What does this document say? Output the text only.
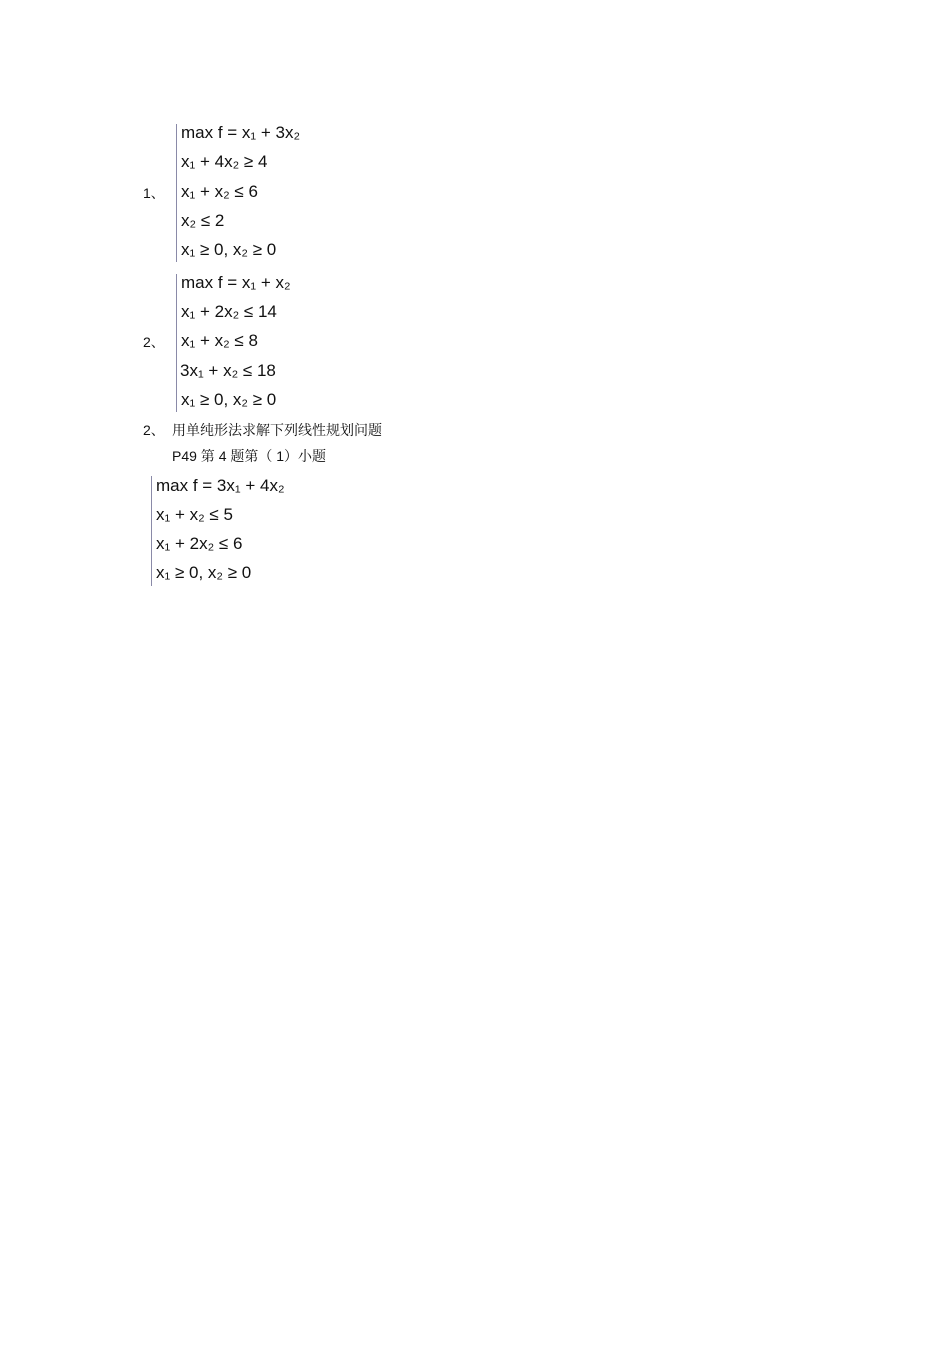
1、
max f = x₁ + 3x₂
x₁ + 4x₂ ≥ 4
x₁ + x₂ ≤ 6
x₂ ≤ 2
x₁ ≥ 0, x₂ ≥ 0
2、
max f = x₁ + x₂
x₁ + 2x₂ ≤ 14
x₁ + x₂ ≤ 8
3x₁ + x₂ ≤ 18
x₁ ≥ 0, x₂ ≥ 0
2、 用单纯形法求解下列线性规划问题
P49 第 4 题第（ 1）小题
max f = 3x₁ + 4x₂
x₁ + x₂ ≤ 5
x₁ + 2x₂ ≤ 6
x₁ ≥ 0, x₂ ≥ 0
